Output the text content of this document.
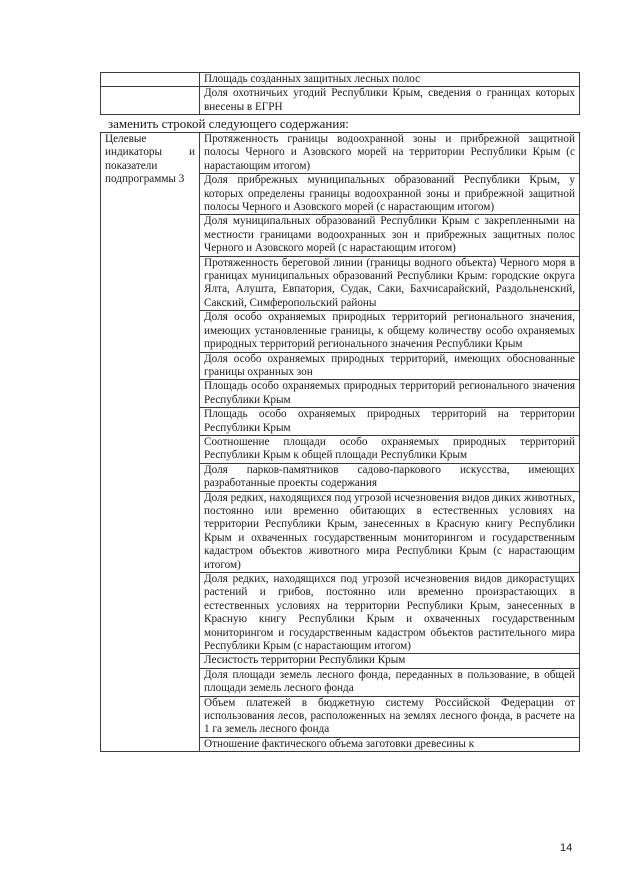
	Площадь созданных защитных лесных полос
	Доля охотничьих угодий Республики Крым, сведения о границах которых внесены в ЕГРН
заменить строкой следующего содержания:
Целевые
индикаторы и
показатели
подпрограммы 3
	Протяженность границы водоохранной зоны и прибрежной защитной полосы Черного и Азовского морей на территории Республики Крым (с нарастающим итогом)
Доля прибрежных муниципальных образований Республики Крым, у которых определены границы водоохранной зоны и прибрежной защитной полосы Черного и Азовского морей (с нарастающим итогом)
Доля муниципальных образований Республики Крым с закрепленными на местности границами водоохранных зон и прибрежных защитных полос Черного и Азовского морей (с нарастающим итогом)
Протяженность береговой линии (границы водного объекта) Черного моря в границах муниципальных образований Республики Крым: городские округа Ялта, Алушта, Евпатория, Судак, Саки, Бахчисарайский, Раздольненский, Сакский, Симферопольский районы
Доля особо охраняемых природных территорий регионального значения, имеющих установленные границы, к общему количеству особо охраняемых природных территорий регионального значения Республики Крым
Доля особо охраняемых природных территорий, имеющих обоснованные границы охранных зон
Площадь особо охраняемых природных территорий регионального значения Республики Крым
Площадь особо охраняемых природных территорий на территории Республики Крым
Соотношение площади особо охраняемых природных территорий Республики Крым к общей площади Республики Крым
Доля парков-памятников садово-паркового искусства, имеющих разработанные проекты содержания
Доля редких, находящихся под угрозой исчезновения видов диких животных, постоянно или временно обитающих в естественных условиях на территории Республики Крым, занесенных в Красную книгу Республики Крым и охваченных государственным мониторингом и государственным кадастром объектов животного мира Республики Крым (с нарастающим итогом)
Доля редких, находящихся под угрозой исчезновения видов дикорастущих растений и грибов, постоянно или временно произрастающих в естественных условиях на территории Республики Крым, занесенных в Красную книгу Республики Крым и охваченных государственным мониторингом и государственным кадастром объектов растительного мира Республики Крым (с нарастающим итогом)
Лесистость территории Республики Крым
Доля площади земель лесного фонда, переданных в пользование, в общей площади земель лесного фонда
Объем платежей в бюджетную систему Российской Федерации от использования лесов, расположенных на землях лесного фонда, в расчете на 1 га земель лесного фонда
Отношение фактического объема заготовки древесины к
14
